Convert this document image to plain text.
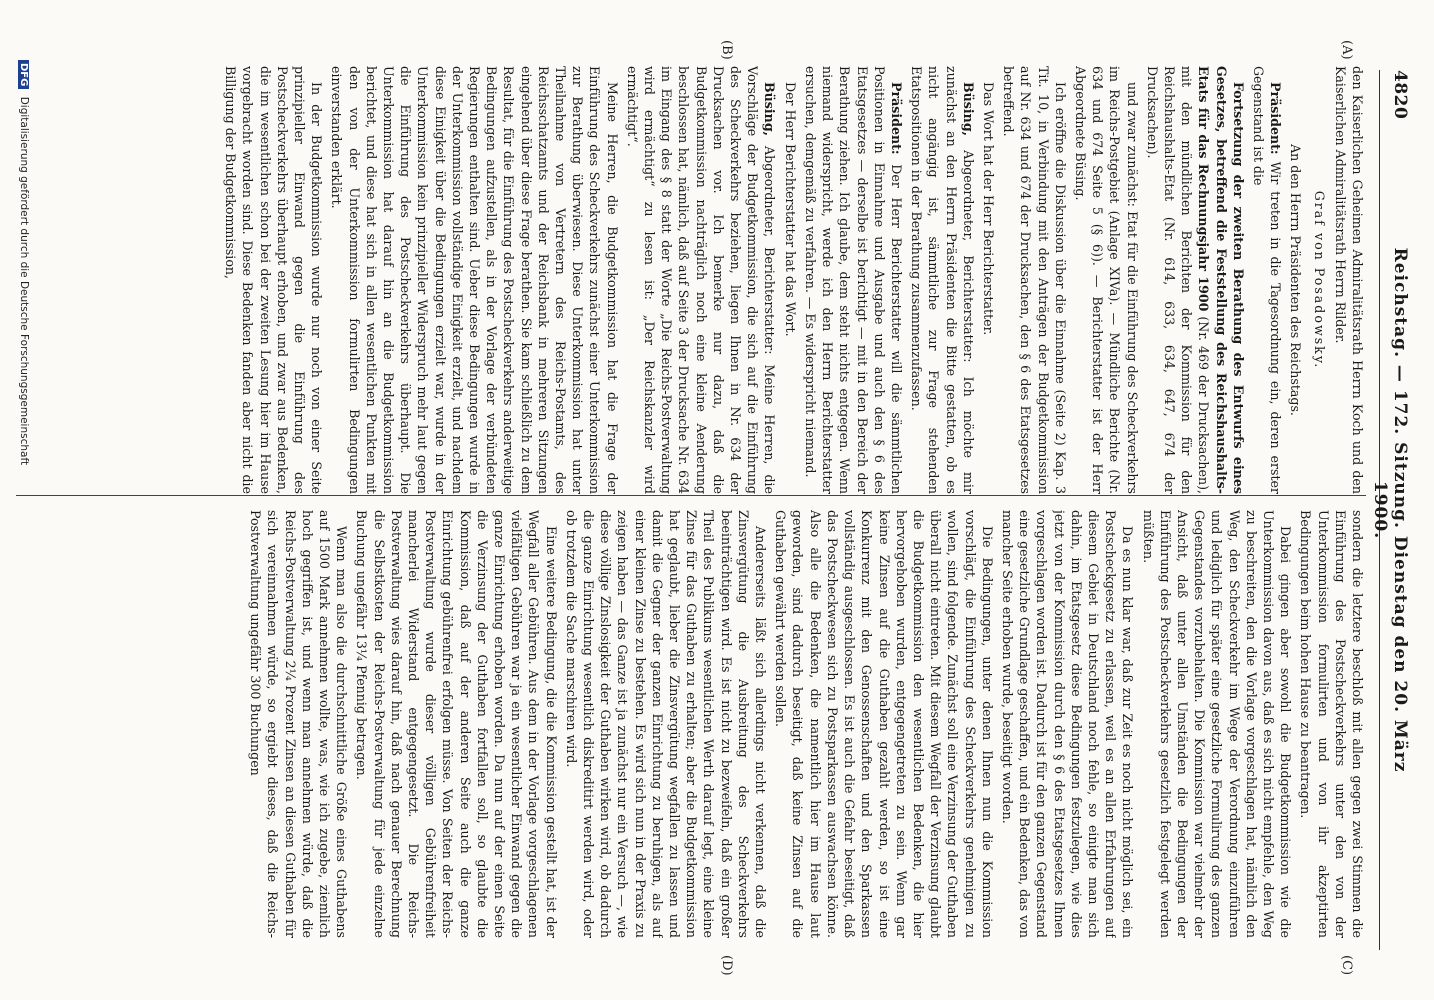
4820
Reichstag. — 172. Sitzung. Dienstag den 20. März 1900.
(A)
(B)
(C)
(D)

den Kaiserlichen Geheimen Admiralitätsrath Herrn Koch und den Kaiserlichen Admiralitätsrath Herrn Rilder.

Graf von Posadowsky.

An den Herrn Präsidenten des Reichstags.

Präsident: Wir treten in die Tagesordnung ein, deren erster Gegenstand ist die

Fortsetzung der zweiten Berathung des Entwurfs eines Gesetzes, betreffend die Feststellung des Reichshaushalts-Etats für das Rechnungsjahr 1900 (Nr. 469 der Drucksachen), mit den mündlichen Berichten der Kommission für den Reichshaushalts-Etat (Nr. 614, 633, 634, 647, 674 der Drucksachen).

und zwar zunächst: Etat für die Einführung des Scheckverkehrs im Reichs-Postgebiet (Anlage XIVa). — Mündliche Berichte (Nr. 634 und 674 Seite 5 (§ 6)). — Berichterstatter ist der Herr Abgeordnete Büsing.

Ich eröffne die Diskussion über die Einnahme (Seite 2) Kap. 3 Tit. 10, in Verbindung mit den Anträgen der Budgetkommission auf Nr. 634 und 674 der Drucksachen, den § 6 des Etatsgesetzes betreffend.

Das Wort hat der Herr Berichterstatter.

Büsing, Abgeordneter, Berichterstatter: Ich möchte mir zunächst an den Herrn Präsidenten die Bitte gestatten, ob es nicht angängig ist, sämmtliche zur Frage stehenden Etatspositionen in der Berathung zusammenzufassen.

Präsident: Der Herr Berichterstatter will die sämmtlichen Positionen in Einnahme und Ausgabe und auch den § 6 des Etatsgesetzes — derselbe ist berichtigt — mit in den Bereich der Berathung ziehen. Ich glaube, dem steht nichts entgegen. Wenn niemand widerspricht, werde ich den Herrn Berichterstatter ersuchen, demgemäß zu verfahren. — Es widerspricht niemand.

Der Herr Berichterstatter hat das Wort.

Büsing, Abgeordneter, Berichterstatter: Meine Herren, die Vorschläge der Budgetkommission, die sich auf die Einführung des Scheckverkehrs beziehen, liegen Ihnen in Nr. 634 der Drucksachen vor. Ich bemerke nur dazu, daß die Budgetkommission nachträglich noch eine kleine Aenderung beschlossen hat, nämlich, daß auf Seite 3 der Drucksache Nr. 634 im Eingang des § 8 statt der Worte „Die Reichs-Postverwaltung wird ermächtigt“ zu lesen ist: „Der Reichskanzler wird ermächtigt“.

Meine Herren, die Budgetkommission hat die Frage der Einführung des Scheckverkehrs zunächst einer Unterkommission zur Berathung überwiesen. Diese Unterkommission hat unter Theilnahme von Vertretern des Reichs-Postamts, des Reichsschatzamts und der Reichsbank in mehreren Sitzungen eingehend über diese Frage berathen. Sie kam schließlich zu dem Resultat, für die Einführung des Postscheckverkehrs anderweitige Bedingungen aufzustellen, als in der Vorlage der verbündeten Regierungen enthalten sind. Ueber diese Bedingungen wurde in der Unterkommission vollständige Einigkeit erzielt, und nachdem diese Einigkeit über die Bedingungen erzielt war, wurde in der Unterkommission kein prinzipieller Widerspruch mehr laut gegen die Einführung des Postscheckverkehrs überhaupt. Die Unterkommission hat darauf hin an die Budgetkommission berichtet, und diese hat sich in allen wesentlichen Punkten mit den von der Unterkommission formulirten Bedingungen einverstanden erklärt.

In der Budgetkommission wurde nur noch von einer Seite prinzipieller Einwand gegen die Einführung des Postscheckverkehrs überhaupt erhoben, und zwar aus Bedenken, die im wesentlichen schon bei der zweiten Lesung hier im Hause vorgebracht worden sind. Diese Bedenken fanden aber nicht die Billigung der Budgetkommission,

sondern die letztere beschloß mit allen gegen zwei Stimmen die Einführung des Postscheckverkehrs unter den von der Unterkommission formulirten und von ihr akzeptirten Bedingungen beim hohen Hause zu beantragen.

Dabei gingen aber sowohl die Budgetkommission wie die Unterkommission davon aus, daß es sich nicht empfehle, den Weg zu beschreiten, den die Vorlage vorgeschlagen hat, nämlich den Weg, den Scheckverkehr im Wege der Verordnung einzuführen und lediglich für später eine gesetzliche Formulirung des ganzen Gegenstandes vorzubehalten. Die Kommission war vielmehr der Ansicht, daß unter allen Umständen die Bedingungen der Einführung des Postscheckverkehrs gesetzlich festgelegt werden müßten.

Da es nun klar war, daß zur Zeit es noch nicht möglich sei, ein Postscheckgesetz zu erlassen, weil es an allen Erfahrungen auf diesem Gebiet in Deutschland noch fehle, so einigte man sich dahin, im Etatsgesetz diese Bedingungen festzulegen, wie dies jetzt von der Kommission durch den § 6 des Etatsgesetzes Ihnen vorgeschlagen worden ist. Dadurch ist für den ganzen Gegenstand eine gesetzliche Grundlage geschaffen, und ein Bedenken, das von mancher Seite erhoben wurde, beseitigt worden.

Die Bedingungen, unter denen Ihnen nun die Kommission vorschlägt, die Einführung des Scheckverkehrs genehmigen zu wollen, sind folgende. Zunächst soll eine Verzinsung der Guthaben überall nicht eintreten. Mit diesem Wegfall der Verzinsung glaubt die Budgetkommission den wesentlichen Bedenken, die hier hervorgehoben wurden, entgegengetreten zu sein. Wenn gar keine Zinsen auf die Guthaben gezahlt werden, so ist eine Konkurrenz mit den Genossenschaften und den Sparkassen vollständig ausgeschlossen. Es ist auch die Gefahr beseitigt, daß das Postscheckwesen sich zu Postsparkassen auswachsen könne. Also alle die Bedenken, die namentlich hier im Hause laut geworden, sind dadurch beseitigt, daß keine Zinsen auf die Guthaben gewährt werden sollen.

Andererseits läßt sich allerdings nicht verkennen, daß die Zinsvergütung die Ausbreitung des Scheckverkehrs beeinträchtigen wird. Es ist nicht zu bezweifeln, daß ein großer Theil des Publikums wesentlichen Werth darauf legt, eine kleine Zinse für das Guthaben zu erhalten; aber die Budgetkommission hat geglaubt, lieber die Zinsvergütung wegfallen zu lassen und damit die Gegner der ganzen Einrichtung zu beruhigen, als auf einer kleinen Zinse zu bestehen. Es wird sich nun in der Praxis zu zeigen haben — das Ganze ist ja zunächst nur ein Versuch —, wie diese völlige Zinslosigkeit der Guthaben wirken wird, ob dadurch die ganze Einrichtung wesentlich diskreditirt werden wird, oder ob trotzdem die Sache marschiren wird.

Eine weitere Bedingung, die die Kommission gestellt hat, ist der Wegfall aller Gebühren. Aus dem in der Vorlage vorgeschlagenen vielfältigen Gebühren war ja ein wesentlicher Einwand gegen die ganze Einrichtung erhoben worden. Da nun auf der einen Seite die Verzinsung der Guthaben fortfallen soll, so glaubte die Kommission, daß auf der anderen Seite auch die ganze Einrichtung gebührenfrei erfolgen müsse. Von Seiten der Reichs-Postverwaltung wurde dieser völligen Gebührenfreiheit mancherlei Widerstand entgegengesetzt. Die Reichs-Postverwaltung wies darauf hin, daß nach genauer Berechnung die Selbstkosten der Reichs-Postverwaltung für jede einzelne Buchung ungefähr 13¼ Pfennig betragen.

Wenn man also die durchschnittliche Größe eines Guthabens auf 1500 Mark annehmen wollte, was, wie ich zugebe, ziemlich hoch gegriffen ist, und wenn man annehmen würde, daß die Reichs-Postverwaltung 2¼ Prozent Zinsen an diesen Guthaben für sich vereinnahmen würde, so ergiebt dieses, daß die Reichs-Postverwaltung ungefähr 300 Buchungen

DFG Digitalisierung gefördert durch die Deutsche Forschungsgemeinschaft
